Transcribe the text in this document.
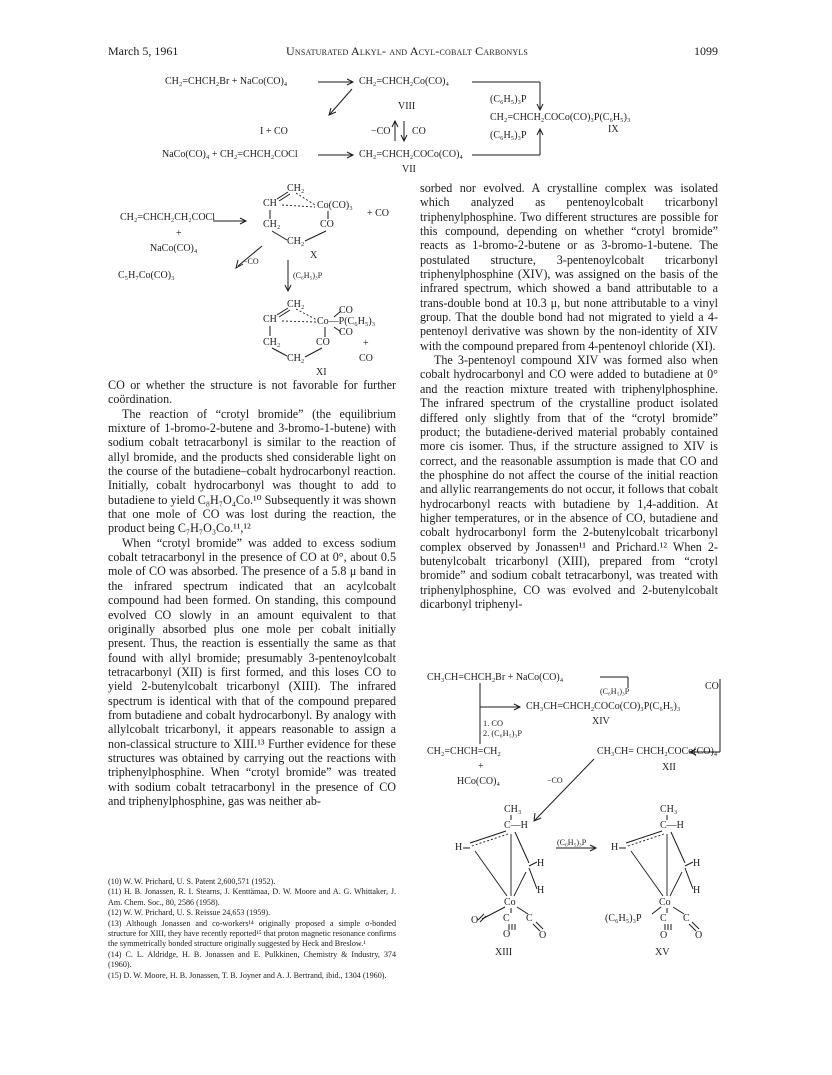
March 5, 1961	Unsaturated Alkyl- and Acyl-cobalt Carbonyls	1099
CH₂=CHCH₂Br + NaCo(CO)₄	CH₂=CHCH₂Co(CO)₄
VIII
I + CO	−CO CO
(C₆H₅)₃P
CH₂=CHCH₂COCo(CO)₃P(C₆H₅)₃
IX
(C₆H₅)₃P
NaCo(CO)₄ + CH₂=CHCH₂COCl	CH₂=CHCH₂COCo(CO)₄
VII
CH₂=CHCH₂CH₂COCl
+
NaCo(CO)₄
CH₂
CH	Co(CO)₃
CH₂	CO
+ CO
CH₂
X
−CO
C₅H₇Co(CO)₃	(C₆H₅)₃P
CH₂
CO
CH	Co—P(C₆H₅)₃
CO
CH₂	CO	+
CH₂	CO
XI

CO or whether the structure is not favorable for further coördination.

The reaction of “crotyl bromide” (the equilibrium mixture of 1-bromo-2-butene and 3-bromo-1-butene) with sodium cobalt tetracarbonyl is similar to the reaction of allyl bromide, and the products shed considerable light on the course of the butadiene–cobalt hydrocarbonyl reaction. Initially, cobalt hydrocarbonyl was thought to add to butadiene to yield C₈H₇O₄Co.¹⁰ Subsequently it was shown that one mole of CO was lost during the reaction, the product being C₇H₇O₃Co.¹¹,¹²

When “crotyl bromide” was added to excess sodium cobalt tetracarbonyl in the presence of CO at 0°, about 0.5 mole of CO was absorbed. The presence of a 5.8 μ band in the infrared spectrum indicated that an acylcobalt compound had been formed. On standing, this compound evolved CO slowly in an amount equivalent to that originally absorbed plus one mole per cobalt initially present. Thus, the reaction is essentially the same as that found with allyl bromide; presumably 3-pentenoylcobalt tetracarbonyl (XII) is first formed, and this loses CO to yield 2-butenylcobalt tricarbonyl (XIII). The infrared spectrum is identical with that of the compound prepared from butadiene and cobalt hydrocarbonyl. By analogy with allylcobalt tricarbonyl, it appears reasonable to assign a non-classical structure to XIII.¹³ Further evidence for these structures was obtained by carrying out the reactions with triphenylphosphine. When “crotyl bromide” was treated with sodium cobalt tetracarbonyl in the presence of CO and triphenylphosphine, gas was neither ab-

(10) W. W. Prichard, U. S. Patent 2,600,571 (1952).

(11) H. B. Jonassen, R. I. Stearns, J. Kenttämaa, D. W. Moore and A. G. Whittaker, J. Am. Chem. Soc., 80, 2586 (1958).

(12) W. W. Prichard, U. S. Reissue 24,653 (1959).

(13) Although Jonassen and co-workers¹⁴ originally proposed a simple σ-bonded structure for XIII, they have recently reported¹⁵ that proton magnetic resonance confirms the symmetrically bonded structure originally suggested by Heck and Breslow.¹

(14) C. L. Aldridge, H. B. Jonassen and E. Pulkkinen, Chemistry & Industry, 374 (1960).

(15) D. W. Moore, H. B. Jonassen, T. B. Joyner and A. J. Bertrand, ibid., 1304 (1960).

sorbed nor evolved. A crystalline complex was isolated which analyzed as pentenoylcobalt tricarbonyl triphenylphosphine. Two different structures are possible for this compound, depending on whether “crotyl bromide” reacts as 1-bromo-2-butene or as 3-bromo-1-butene. The postulated structure, 3-pentenoylcobalt tricarbonyl triphenylphosphine (XIV), was assigned on the basis of the infrared spectrum, which showed a band attributable to a trans-double bond at 10.3 μ, but none attributable to a vinyl group. That the double bond had not migrated to yield a 4-pentenoyl derivative was shown by the non-identity of XIV with the compound prepared from 4-pentenoyl chloride (XI).

The 3-pentenoyl compound XIV was formed also when cobalt hydrocarbonyl and CO were added to butadiene at 0° and the reaction mixture treated with triphenylphosphine. The infrared spectrum of the crystalline product isolated differed only slightly from that of the “crotyl bromide” product; the butadiene-derived material probably contained more cis isomer. Thus, if the structure assigned to XIV is correct, and the reasonable assumption is made that CO and the phosphine do not affect the course of the initial reaction and allylic rearrangements do not occur, it follows that cobalt hydrocarbonyl reacts with butadiene by 1,4-addition. At higher temperatures, or in the absence of CO, butadiene and cobalt hydrocarbonyl form the 2-butenylcobalt tricarbonyl complex observed by Jonassen¹¹ and Prichard.¹² When 2-butenylcobalt tricarbonyl (XIII), prepared from “crotyl bromide” and sodium cobalt tetracarbonyl, was treated with triphenylphosphine, CO was evolved and 2-butenylcobalt dicarbonyl triphenyl-

CH₃CH=CHCH₂Br + NaCo(CO)₄
(C₆H₅)₃P	CO
CH₃CH=CHCH₂COCo(CO)₃P(C₆H₅)₃
XIV
1. CO
2. (C₆H₅)₃P
CH₂=CHCH=CH₂	CH₃CH= CHCH₂COCo(CO)₄
XII
+
HCo(CO)₄	−CO
CH₃
C—H
H
H
H
Co
O C C
O	O
XIII
(C₆H₅)₃P
CH₃
C—H
H
H
H
Co
(C₆H₅)₃P C C
O	O
XV
